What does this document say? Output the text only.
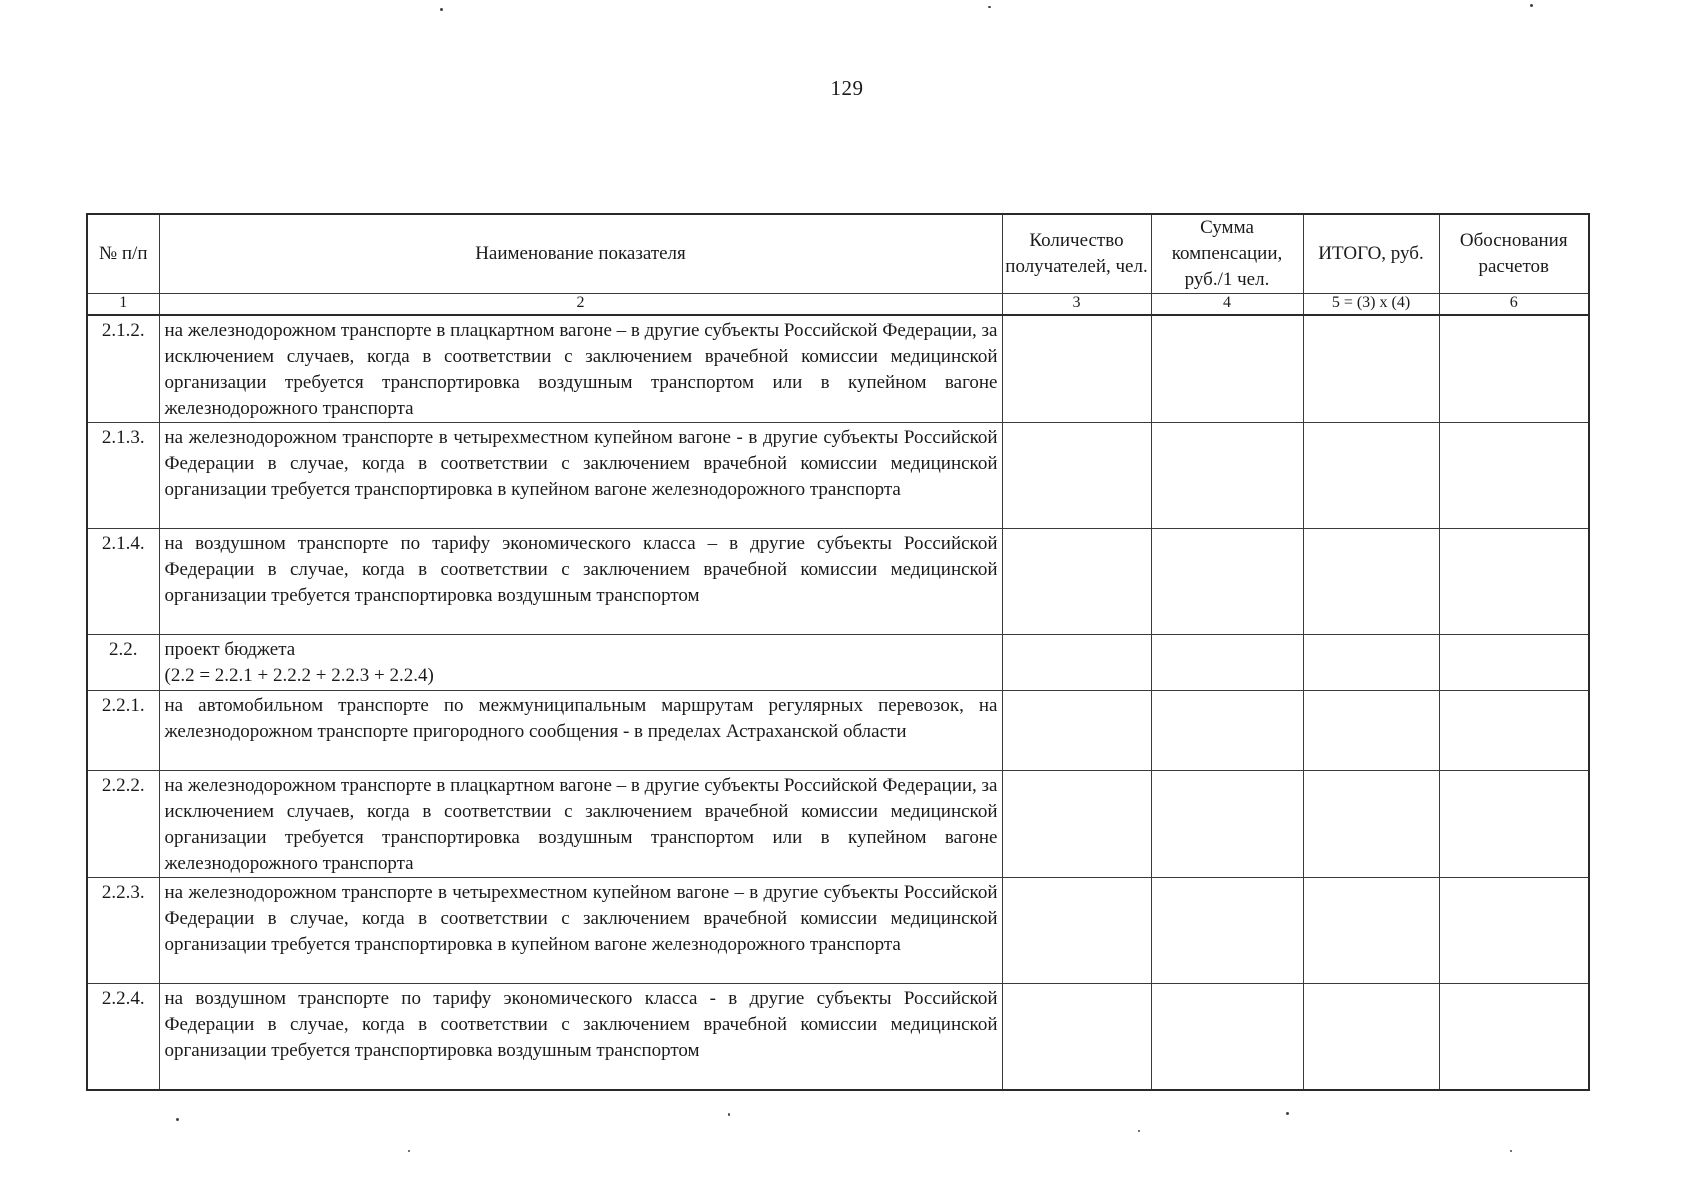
129
№ п/п	Наименование показателя	Количество получателей, чел.	Сумма компенсации, руб./1 чел.	ИТОГО, руб.	Обоснования расчетов
1	2	3	4	5 = (3) x (4)	6
2.1.2.	на железнодорожном транспорте в плацкартном вагоне – в другие субъекты Российской Федерации, за исключением случаев, когда в соответствии с заключением врачебной комиссии медицинской организации требуется транспортировка воздушным транспортом или в купейном вагоне железнодорожного транспорта				
2.1.3.	на железнодорожном транспорте в четырехместном купейном вагоне - в другие субъекты Российской Федерации в случае, когда в соответствии с заключением врачебной комиссии медицинской организации требуется транспортировка в купейном вагоне железнодорожного транспорта				
2.1.4.	на воздушном транспорте по тарифу экономического класса – в другие субъекты Российской Федерации в случае, когда в соответствии с заключением врачебной комиссии медицинской организации требуется транспортировка воздушным транспортом				
2.2.	проект бюджета
(2.2 = 2.2.1 + 2.2.2 + 2.2.3 + 2.2.4)				

2.2.1.	на автомобильном транспорте по межмуниципальным маршрутам регулярных перевозок, на железнодорожном транспорте пригородного сообщения - в пределах Астраханской области				
2.2.2.	на железнодорожном транспорте в плацкартном вагоне – в другие субъекты Российской Федерации, за исключением случаев, когда в соответствии с заключением врачебной комиссии медицинской организации требуется транспортировка воздушным транспортом или в купейном вагоне железнодорожного транспорта				
2.2.3.	на железнодорожном транспорте в четырехместном купейном вагоне – в другие субъекты Российской Федерации в случае, когда в соответствии с заключением врачебной комиссии медицинской организации требуется транспортировка в купейном вагоне железнодорожного транспорта				
2.2.4.	на воздушном транспорте по тарифу экономического класса - в другие субъекты Российской Федерации в случае, когда в соответствии с заключением врачебной комиссии медицинской организации требуется транспортировка воздушным транспортом				
